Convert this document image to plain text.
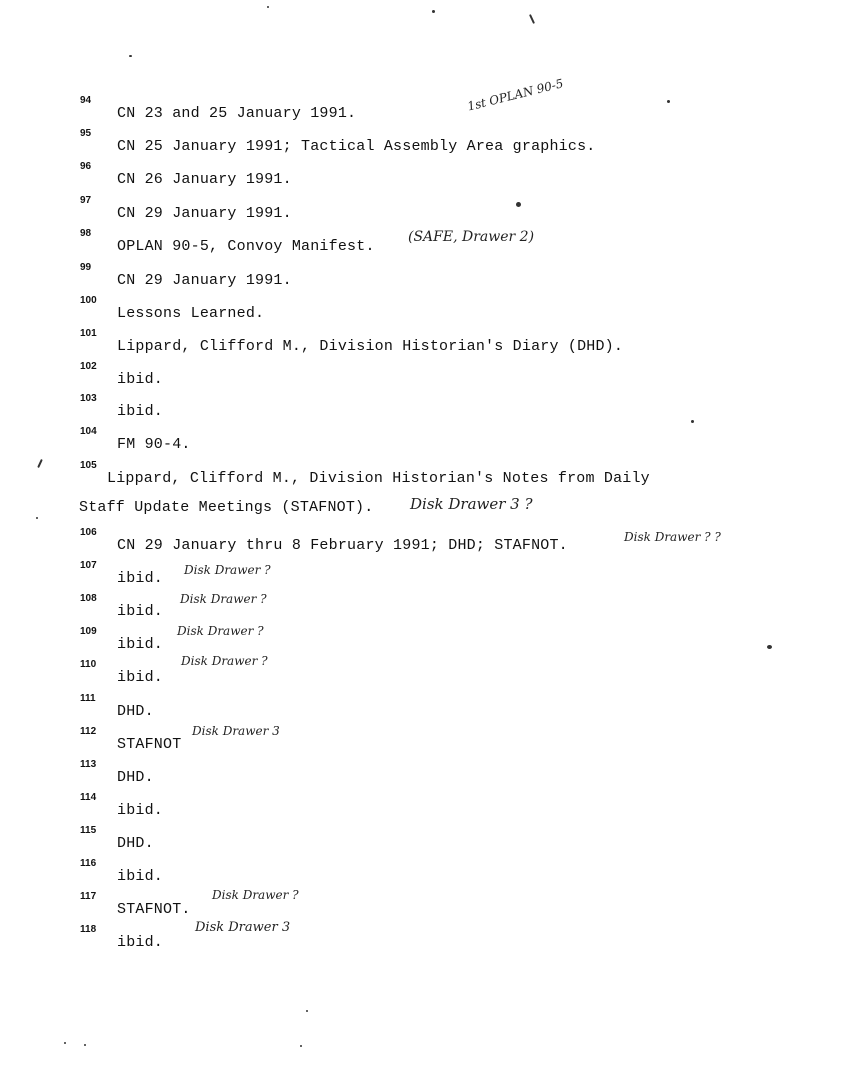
94
CN 23 and 25 January 1991.
95
CN 25 January 1991; Tactical Assembly Area graphics.
96
CN 26 January 1991.
97
CN 29 January 1991.
98
OPLAN 90-5, Convoy Manifest.
99
CN 29 January 1991.
100
Lessons Learned.
101
Lippard, Clifford M., Division Historian's Diary (DHD).
102
ibid.
103
ibid.
104
FM 90-4.
105
Lippard, Clifford M., Division Historian's Notes from Daily
Staff Update Meetings (STAFNOT).
106
CN 29 January thru 8 February 1991; DHD; STAFNOT.
107
ibid.
108
ibid.
109
ibid.
110
ibid.
111
DHD.
112
STAFNOT
113
DHD.
114
ibid.
115
DHD.
116
ibid.
117
STAFNOT.
118
ibid.
1st OPLAN 90-5
(SAFE, Drawer 2)
Disk Drawer 3 ?
Disk Drawer ? ?
Disk Drawer ?
Disk Drawer ?
Disk Drawer ?
Disk Drawer ?
Disk Drawer 3
Disk Drawer ?
Disk Drawer 3
